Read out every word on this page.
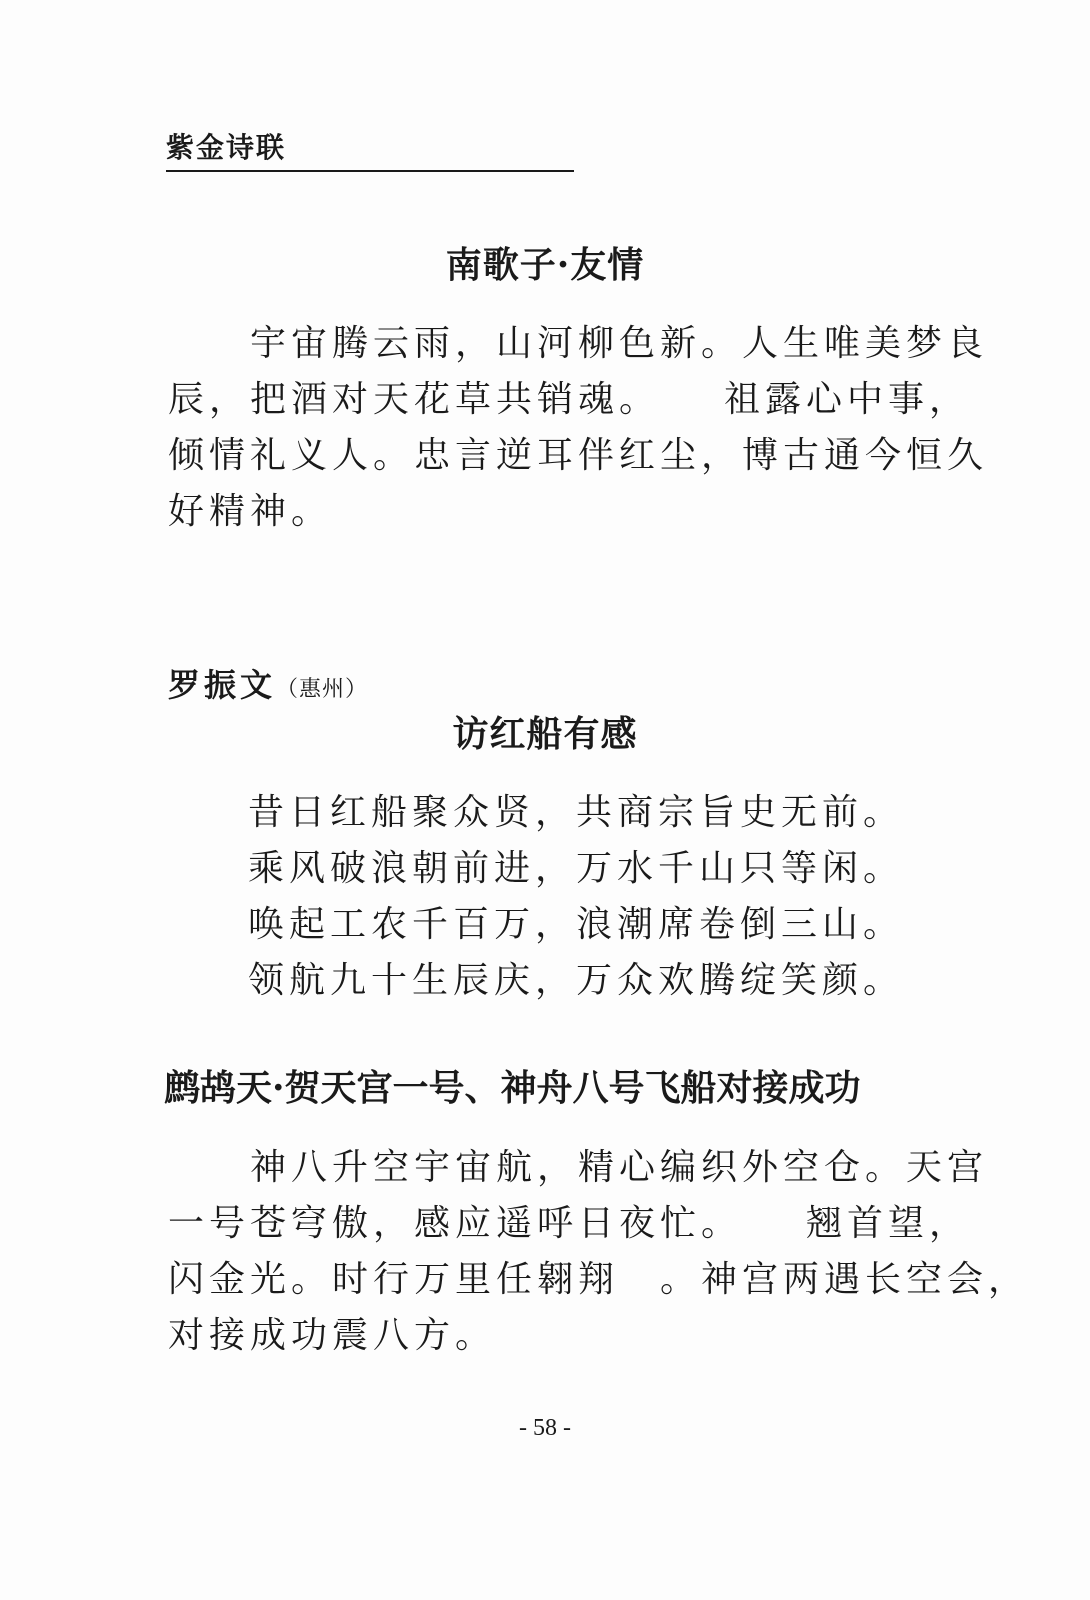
紫金诗联
南歌子·友情
　　宇宙腾云雨，山河柳色新。人生唯美梦良
辰，把酒对天花草共销魂。　　祖露心中事，
倾情礼义人。忠言逆耳伴红尘，博古通今恒久
好精神。
罗振文（惠州）
访红船有感
昔日红船聚众贤，共商宗旨史无前。
乘风破浪朝前进，万水千山只等闲。
唤起工农千百万，浪潮席卷倒三山。
领航九十生辰庆，万众欢腾绽笑颜。
鹧鸪天·贺天宫一号、神舟八号飞船对接成功
　　神八升空宇宙航，精心编织外空仓。天宫
一号苍穹傲，感应遥呼日夜忙。　　翘首望，
闪金光。时行万里任翱翔　。神宫两遇长空会，
对接成功震八方。
- 58 -
